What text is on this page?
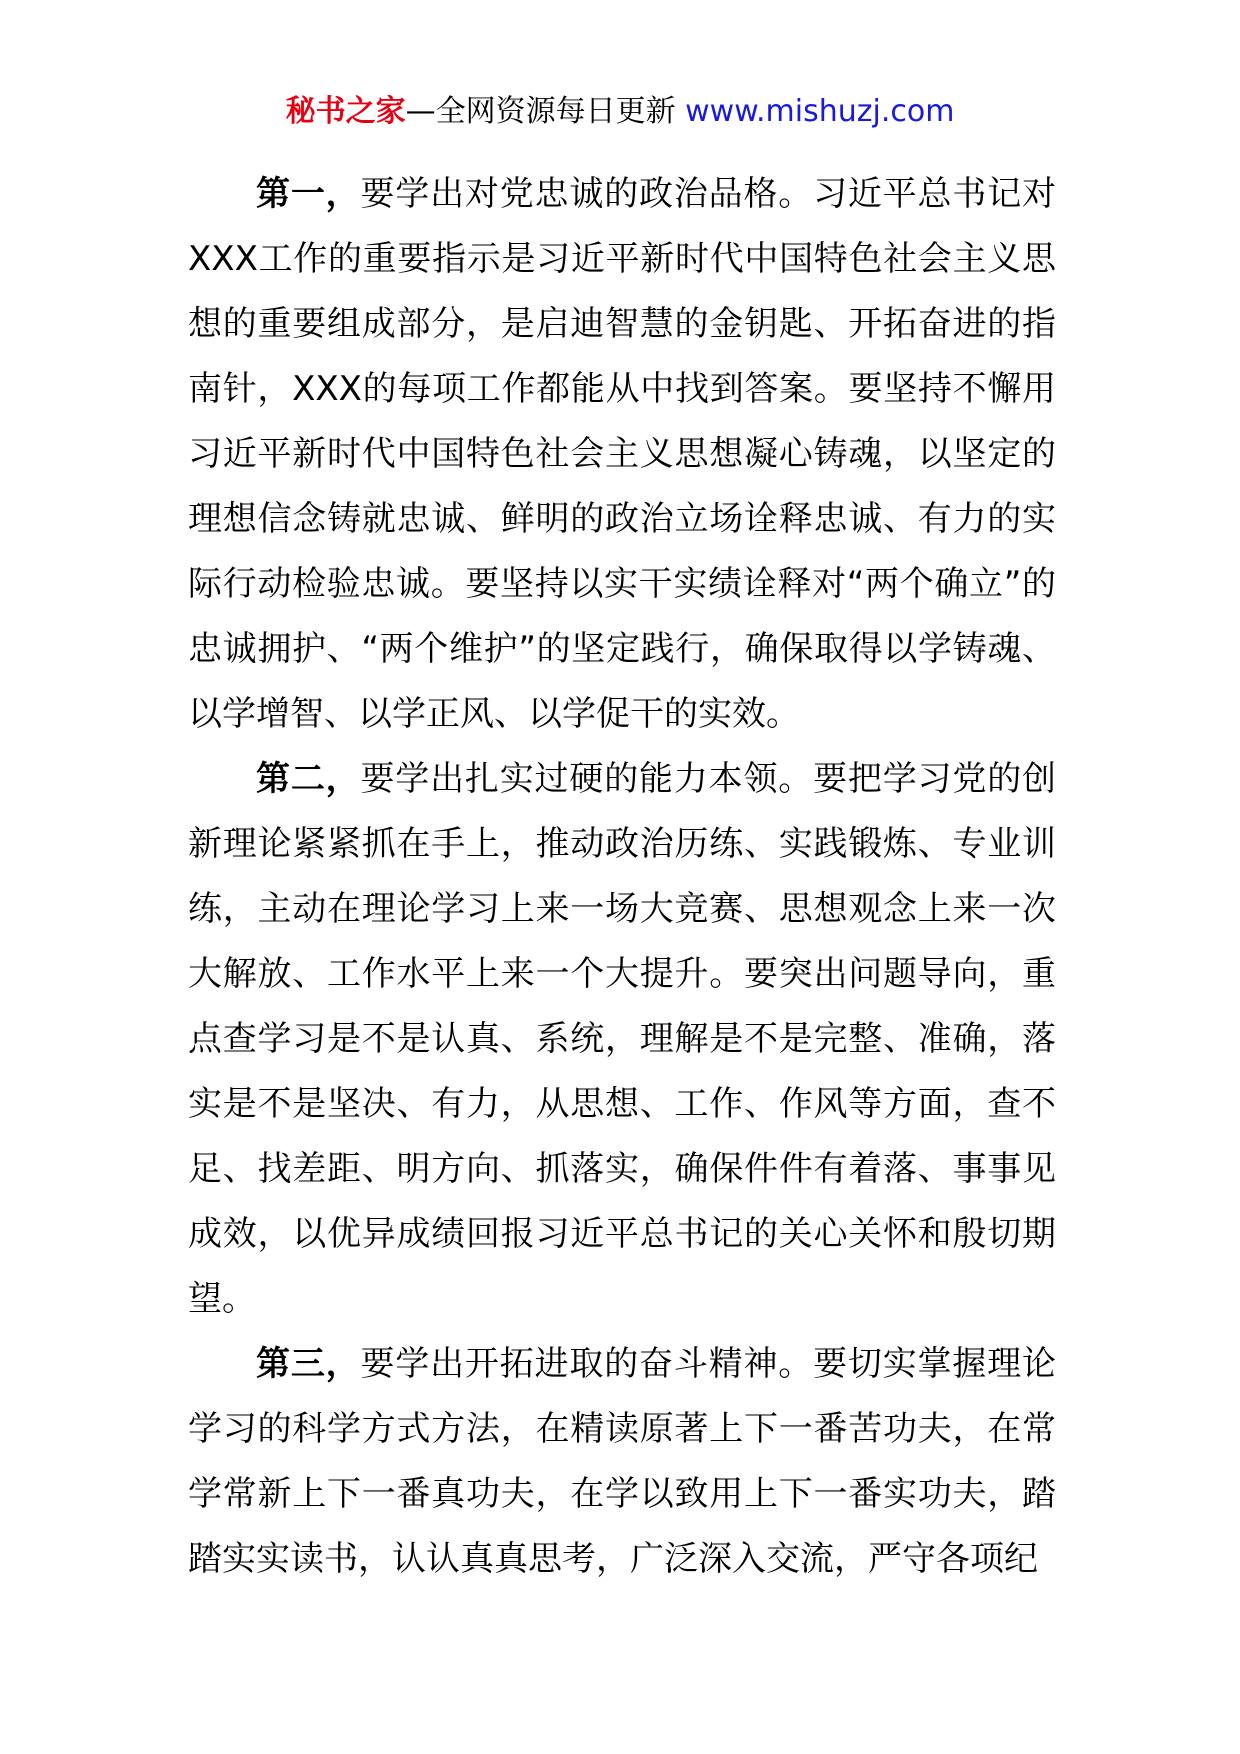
秘书之家—全网资源每日更新 www.mishuzj.com

第一，要学出对党忠诚的政治品格。习近平总书记对XXX工作的重要指示是习近平新时代中国特色社会主义思想的重要组成部分，是启迪智慧的金钥匙、开拓奋进的指南针，XXX的每项工作都能从中找到答案。要坚持不懈用习近平新时代中国特色社会主义思想凝心铸魂，以坚定的理想信念铸就忠诚、鲜明的政治立场诠释忠诚、有力的实际行动检验忠诚。要坚持以实干实绩诠释对“两个确立”的忠诚拥护、“两个维护”的坚定践行，确保取得以学铸魂、以学增智、以学正风、以学促干的实效。

第二，要学出扎实过硬的能力本领。要把学习党的创新理论紧紧抓在手上，推动政治历练、实践锻炼、专业训练，主动在理论学习上来一场大竞赛、思想观念上来一次大解放、工作水平上来一个大提升。要突出问题导向，重点查学习是不是认真、系统，理解是不是完整、准确，落实是不是坚决、有力，从思想、工作、作风等方面，查不足、找差距、明方向、抓落实，确保件件有着落、事事见成效，以优异成绩回报习近平总书记的关心关怀和殷切期望。

第三，要学出开拓进取的奋斗精神。要切实掌握理论学习的科学方式方法，在精读原著上下一番苦功夫，在常学常新上下一番真功夫，在学以致用上下一番实功夫，踏踏实实读书，认认真真思考，广泛深入交流，严守各项纪
